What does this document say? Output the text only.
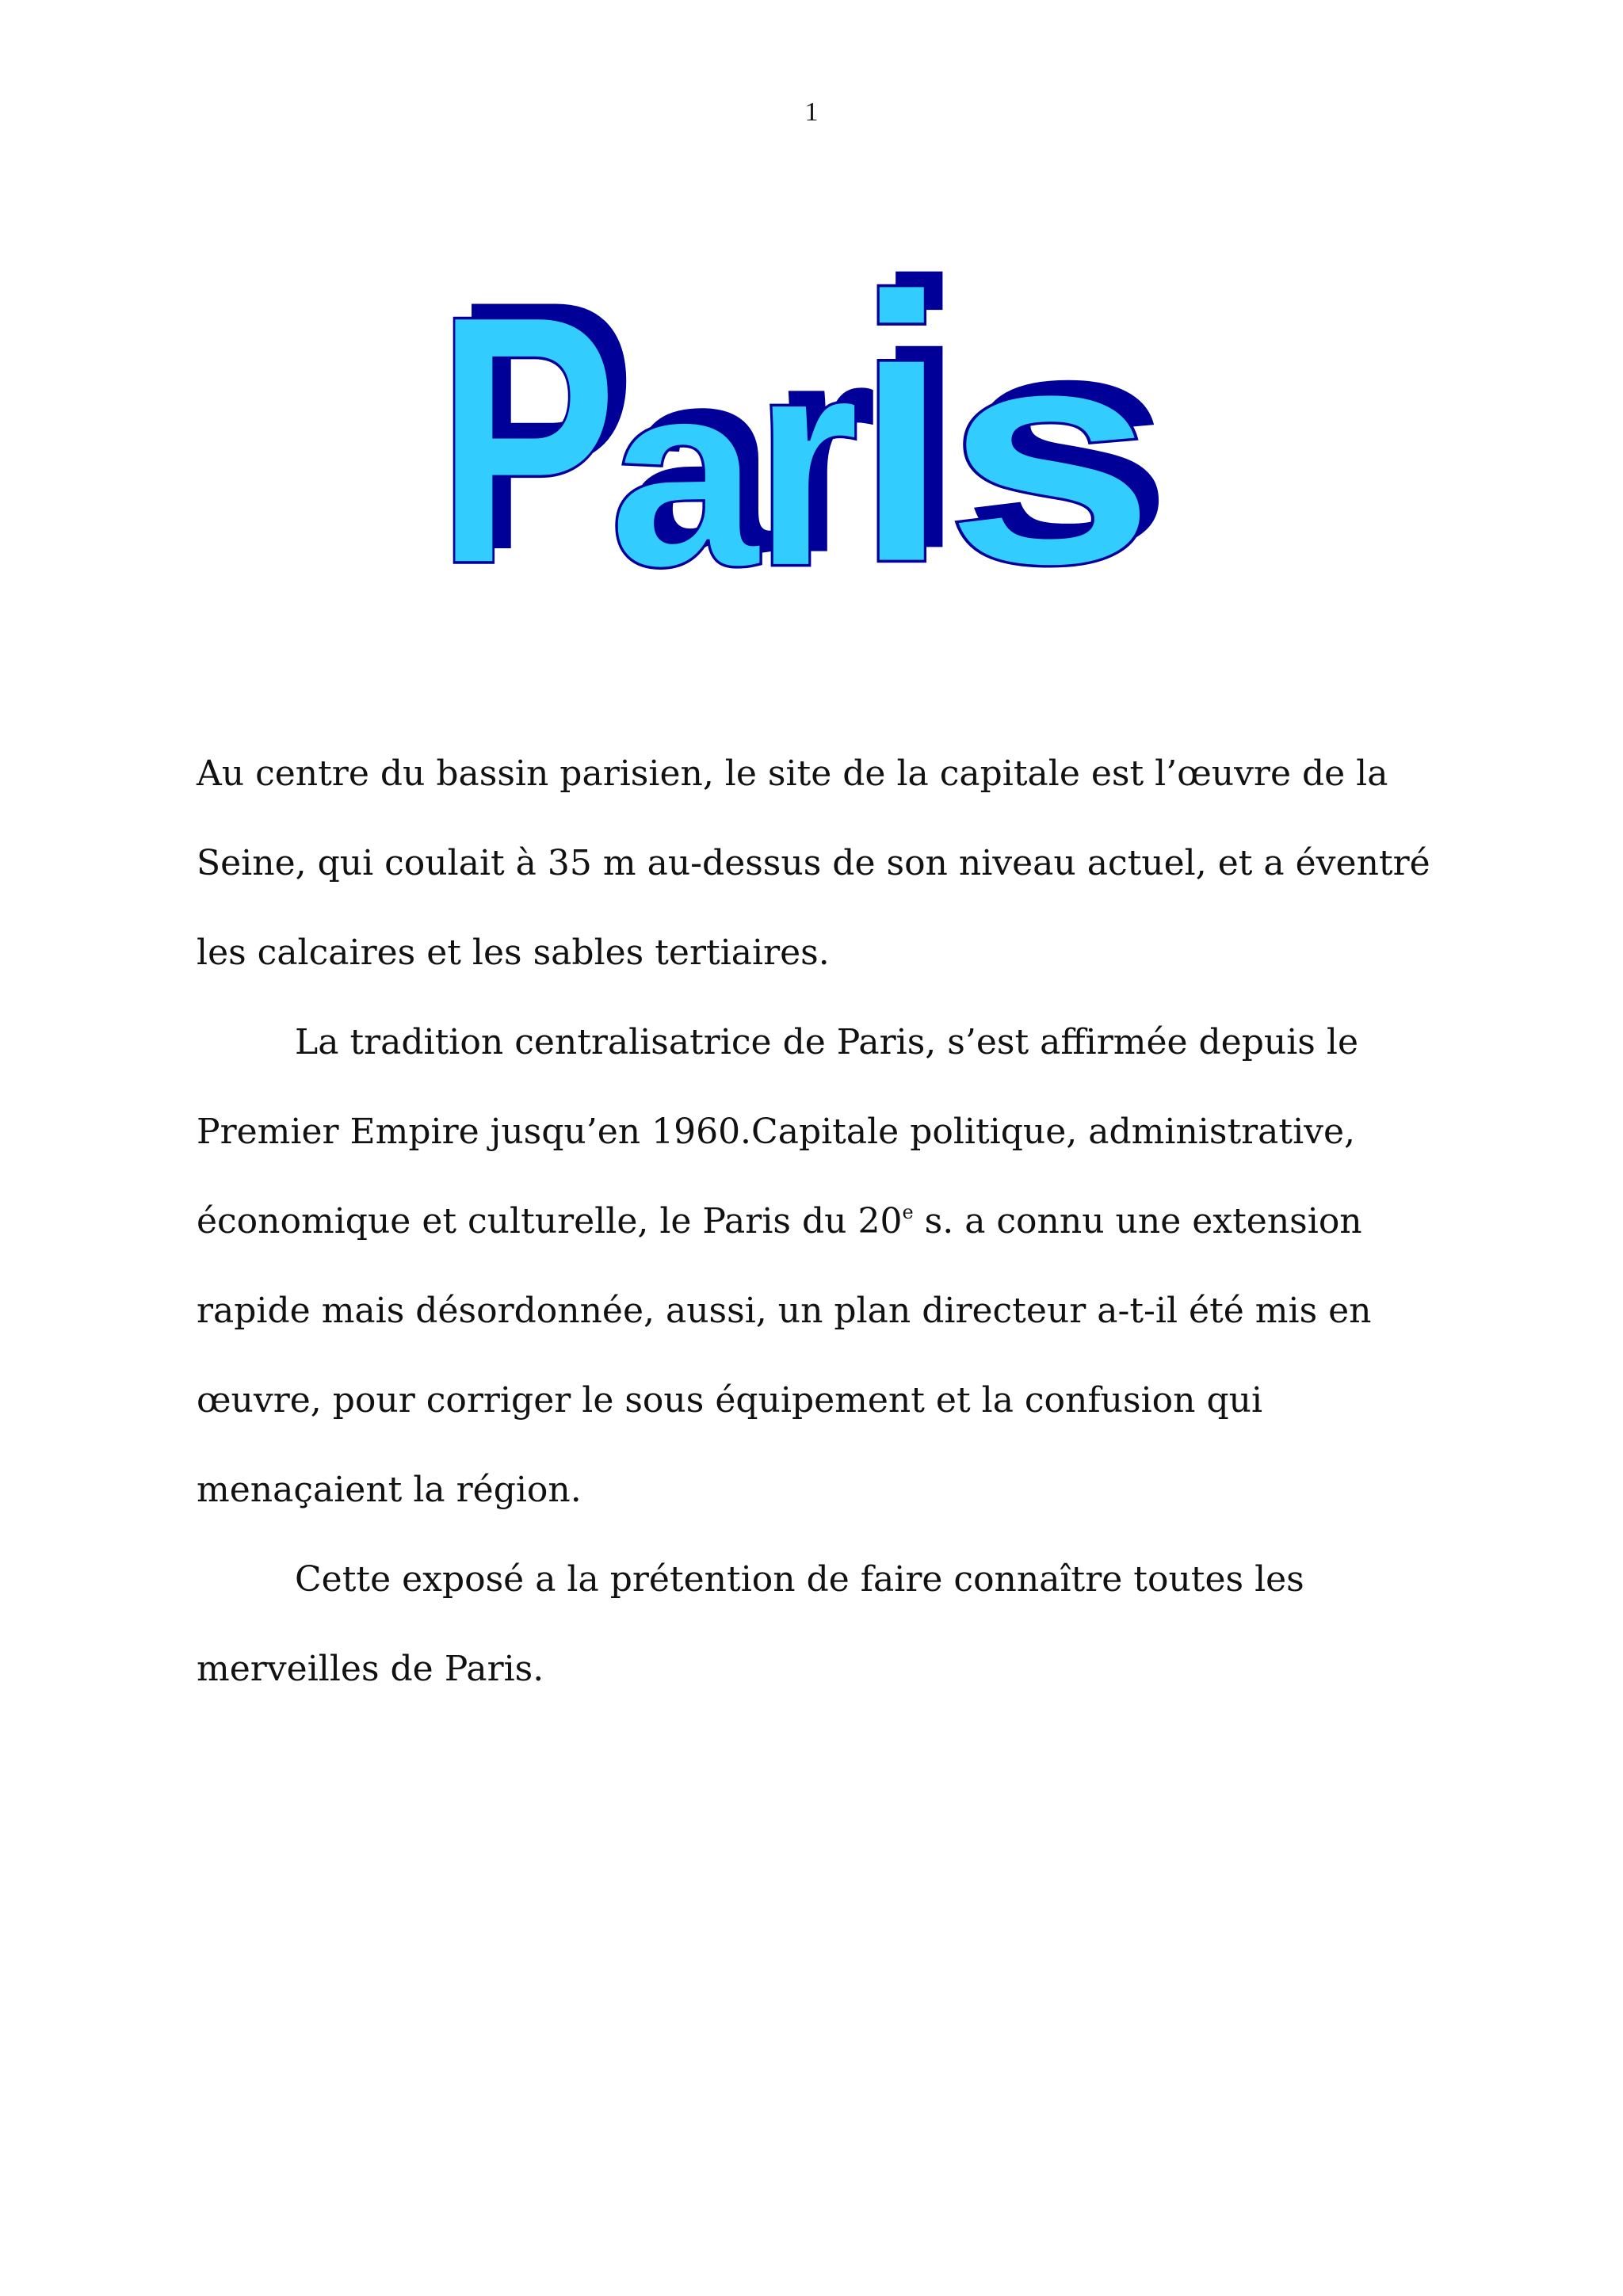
1
Paris

Au centre du bassin parisien, le site de la capitale est l’œuvre de la Seine, qui coulait à 35 m au-dessus de son niveau actuel, et a éventré les calcaires et les sables tertiaires.

La tradition centralisatrice de Paris, s’est affirmée depuis le Premier Empire jusqu’en 1960.Capitale politique, administrative, économique et culturelle, le Paris du 20e s. a connu une extension rapide mais désordonnée, aussi, un plan directeur a-t-il été mis en œuvre, pour corriger le sous équipement et la confusion qui menaçaient la région.

Cette exposé a la prétention de faire connaître toutes les merveilles de Paris.
